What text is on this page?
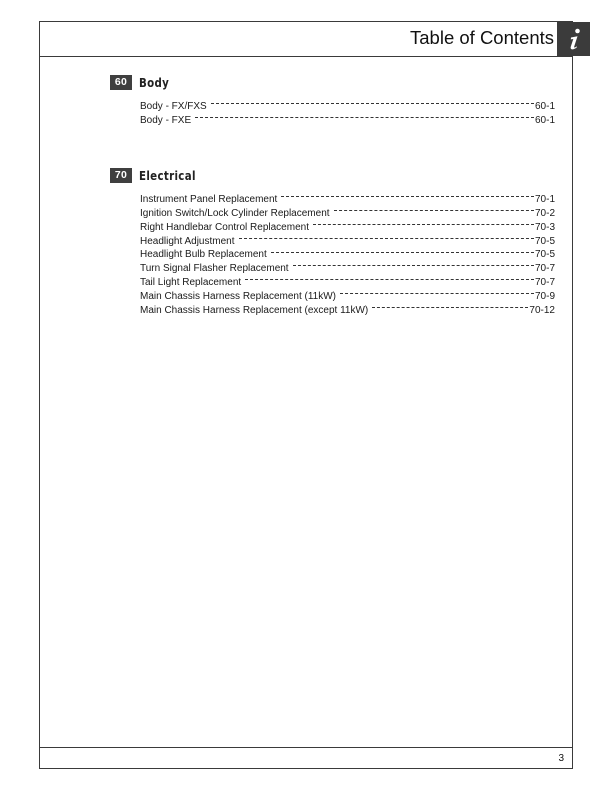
Table of Contents
60 Body
Body - FX/FXS	60-1
Body - FXE	60-1
70 Electrical
Instrument Panel Replacement	70-1
Ignition Switch/Lock Cylinder Replacement	70-2
Right Handlebar Control Replacement	70-3
Headlight Adjustment	70-5
Headlight Bulb Replacement	70-5
Turn Signal Flasher Replacement	70-7
Tail Light Replacement	70-7
Main Chassis Harness Replacement (11kW)	70-9
Main Chassis Harness Replacement (except 11kW)	70-12
3
